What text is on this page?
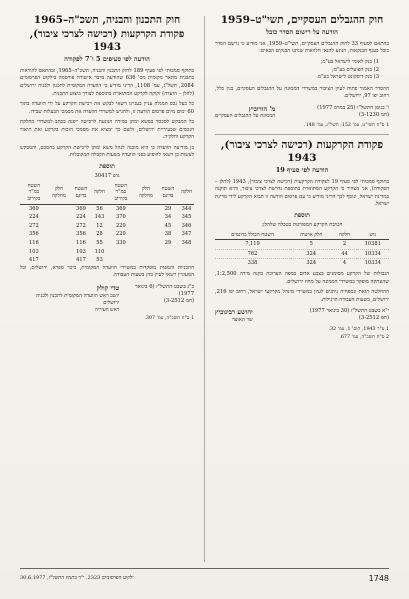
חוק ההגבלים העסקיים, תשי"ט–1959
הודעה על רישום הסדר כובל

בהתאם לסעיף 33 לחוק ההגבלים העסקיים, תשי"ט–1959, אני מודיע כי נרשם הסדר כובל בענף הבנקאות, הנוגע להנאי הלוואות שנתנו הבנקים הבאים:

1) בנק לאומי לישראל בע"מ;
2) בנק הפועלים בע"מ;
3) בנק דיסקונט לישראל בע"מ.

ההסדר האמור פתוח לעיון הציבור במשרדי הממונה על ההגבלים העסקיים, בנין כלל, רחוב יפו 97, ירושלים.

ו' בניסן התשל"ז (25 במרס 1977)
(חמ 3-1230)
מ' הורוביץ
הממונה על ההגבלים העסקיים
1 ס"ח תשי"ט, עמ' 152; תשל"ג, עמ' 148.
פקודת הקרקעות (רכישה לצרכי ציבור), 1943
הודעה לפי סעיף 19

בתוקף סמכותי לפי סעיף 19 לפקודת הקרקעות (רכישה לצרכי ציבור), 1943 (להלן – הפקודה), אני מצהיר כי הקרקע המתוארת בתוספת נדרשת לצרכי ציבור, והיא תוקנה במדינת ישראל, ונוסף לכך הריני מודיע כי עם פרסום הודעה זו תבוא הקרקע לידי מדינת ישראל.

תוספת
חטיבת הקרקע המפורטת בטבלה שלהלן:
גוש	חלקה	חלק ארעיה	השטח הכולל בדונמים
10381	2	5	7,119
10334	44	324	762
10334	4	324	338

הגבולות של הקרקע מסומנים בצבע אדום במפה הערוכה בקנה מידה 1:2,500, שהעתקה מופקד במשרדי הממונה על מחוז ירושלים.

ההחלטה הזאת ונספחיה ניתנים לעיון במשרדי מינהל מקרקעי ישראל, רחוב יפו 216, ירושלים, בשעות העבודה הרגילות.

י"א בשבט התשל"ז (30 בינואר 1977)
(חמ 3-2512)
יהושע רבינוביץ
שר האוצר
1 ע"ר 1943, תוס' 1, עמ' 32.
2 ס"ח תשכ"ה, עמ' 677.
חוק התכנון והבניה, תשכ"ה–1965
פקודת הקרקעות (רכישה לצרכי ציבור), 1943
הודעה לפי סעיפים 5 ו־7 לפקודה

בתוקף סמכותי לפי סעיף 189 לחוק התכנון והבניה, תשכ"ה–1965, ובהתאם להוראות בתכנית מתאר מקומית מס' 636 שהודעה בדבר אישורה פורסמה בילקוט הפרסומים 2084, תשל"ג, עמ' 1108, הריני מודיע כי הוועדה המקומית לתכנון ולבניה ירושלים (להלן – הועדה) זקוקה לקרקע המתוארת בתוספת לצורך ביצוע התכנית.

כל בעל נכס המגלה עניין בעניינו רשאי לבקש את רכישת הקרקע על ידי הוועדה בתוך 60 ימים מיום פרסום הודעה זו, ולהגיש למשרדי הוועדה את מסמכי הבעלות שבידו.

כל המבקש לסכסך במשא ומתן במידה הנוגעת לרכישה ייפנה בכתב למשרדי מחלקת הנכסים שבעיריית ירושלים, ולשם כך ימציא את מסמכי הזכות בקרקע ואת תיאור הקרקע וחלקיה.

כן מודיעה הוועדה כי היא מוכנה לנהל משא ומתן לרכישת הקרקע בהסכם, והמבקש לעשות כן רשאי להופיע בפני הוועדה בשעות הקבלה המקובלות.

תוספת
גוש 30417
חלקה	השטח בדונם	חלק מחלקה	השטח במ"ר בקירוב	חלקה	השטח בדונם	חלק מחלקה	השטח במ"ר בקירוב
344	29		369	56	369		369
345	34		370	143	224		224
346	45		220	12	272		272
347	38		220	28	356		356
348	29		330	55	116		116
				110	103		103
				53	417		417

התכניות והמפות מופקדות במשרדי הוועדה המקומית, כיכר ספרא, ירושלים, וכל המעוניין רשאי לעיין בהן בשעות העבודה.

כ"ג בשבט התשל"ז (6 בינואר 1977)
(חמ 3-2512)
טדי קולק
יושב ראש הוועדה המקומית לתכנון ולבניה ירושלים
ראש העיריה
1 ס"ח תשכ"ה, עמ' 307.
1748
ילקוט הפרסומים 2323, י"ד בתמוז התשל"ז, 30.6.1977
